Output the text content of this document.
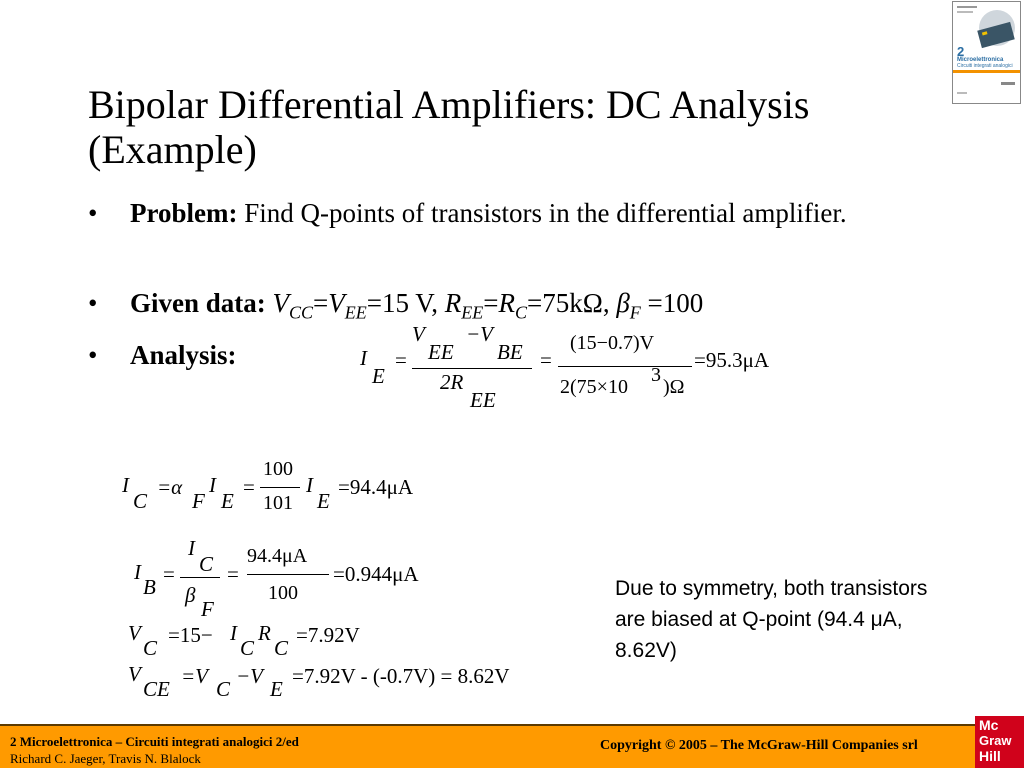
2
Microelettronica
Circuiti integrati analogici
Bipolar Differential Amplifiers: DC Analysis (Example)
• Problem: Find Q-points of transistors in the differential amplifier.
• Given data: $V_{CC}=V_{EE}=15$ V, $R_{EE}=R_C=75k\Omega$, $\beta_F =100$
• Analysis:	I
E
=
V
EE
−V
BE
2R
EE
=
(15−0.7)V
2(75×10
3
)Ω
=95.3μA
I
C
=α
F
I
E
=
100
101
I
E
=94.4μA
I
B
=
I
C
β
F
=
94.4μA
100
=0.944μA
V
C
=15− I
C
R
C
=7.92V
V
CE
=V
C
−V
E
=7.92V - (-0.7V) = 8.62V
Due to symmetry, both transistors are biased at Q-point (94.4 μA, 8.62V)
2 Microelettronica – Circuiti integrati analogici 2/ed
Richard C. Jaeger, Travis N. Blalock
Copyright © 2005 – The McGraw-Hill Companies srl
Mc
Graw
Hill
